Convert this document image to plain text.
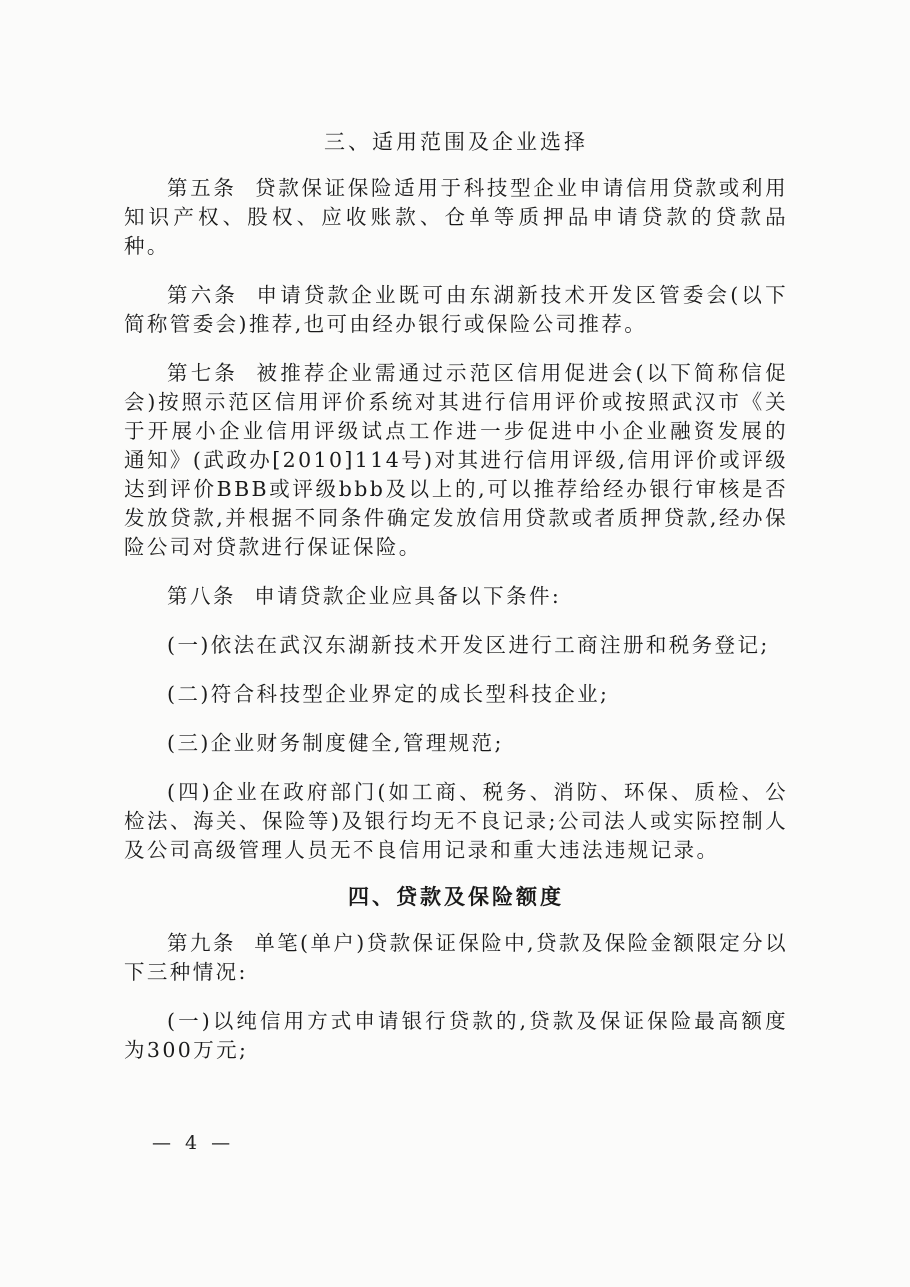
三、适用范围及企业选择

第五条 贷款保证保险适用于科技型企业申请信用贷款或利用知识产权、股权、应收账款、仓单等质押品申请贷款的贷款品种。

第六条 申请贷款企业既可由东湖新技术开发区管委会(以下简称管委会)推荐,也可由经办银行或保险公司推荐。

第七条 被推荐企业需通过示范区信用促进会(以下简称信促会)按照示范区信用评价系统对其进行信用评价或按照武汉市《关于开展小企业信用评级试点工作进一步促进中小企业融资发展的通知》(武政办[2010]114号)对其进行信用评级,信用评价或评级达到评价BBB或评级bbb及以上的,可以推荐给经办银行审核是否发放贷款,并根据不同条件确定发放信用贷款或者质押贷款,经办保险公司对贷款进行保证保险。

第八条 申请贷款企业应具备以下条件:

(一)依法在武汉东湖新技术开发区进行工商注册和税务登记;

(二)符合科技型企业界定的成长型科技企业;

(三)企业财务制度健全,管理规范;

(四)企业在政府部门(如工商、税务、消防、环保、质检、公检法、海关、保险等)及银行均无不良记录;公司法人或实际控制人及公司高级管理人员无不良信用记录和重大违法违规记录。

四、贷款及保险额度

第九条 单笔(单户)贷款保证保险中,贷款及保险金额限定分以下三种情况:

(一)以纯信用方式申请银行贷款的,贷款及保证保险最高额度为300万元;

— 4 —
